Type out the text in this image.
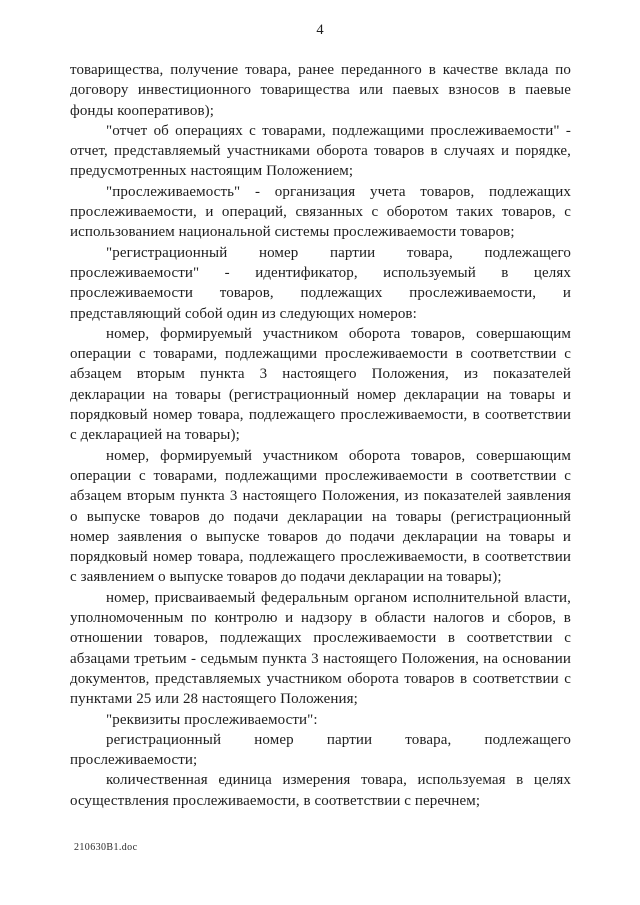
4

товарищества, получение товара, ранее переданного в качестве вклада по договору инвестиционного товарищества или паевых взносов в паевые фонды кооперативов);

"отчет об операциях с товарами, подлежащими прослеживаемости" - отчет, представляемый участниками оборота товаров в случаях и порядке, предусмотренных настоящим Положением;

"прослеживаемость" - организация учета товаров, подлежащих прослеживаемости, и операций, связанных с оборотом таких товаров, с использованием национальной системы прослеживаемости товаров;

"регистрационный номер партии товара, подлежащего прослеживаемости" - идентификатор, используемый в целях прослеживаемости товаров, подлежащих прослеживаемости, и представляющий собой один из следующих номеров:

номер, формируемый участником оборота товаров, совершающим операции с товарами, подлежащими прослеживаемости в соответствии с абзацем вторым пункта 3 настоящего Положения, из показателей декларации на товары (регистрационный номер декларации на товары и порядковый номер товара, подлежащего прослеживаемости, в соответствии с декларацией на товары);

номер, формируемый участником оборота товаров, совершающим операции с товарами, подлежащими прослеживаемости в соответствии с абзацем вторым пункта 3 настоящего Положения, из показателей заявления о выпуске товаров до подачи декларации на товары (регистрационный номер заявления о выпуске товаров до подачи декларации на товары и порядковый номер товара, подлежащего прослеживаемости, в соответствии с заявлением о выпуске товаров до подачи декларации на товары);

номер, присваиваемый федеральным органом исполнительной власти, уполномоченным по контролю и надзору в области налогов и сборов, в отношении товаров, подлежащих прослеживаемости в соответствии с абзацами третьим - седьмым пункта 3 настоящего Положения, на основании документов, представляемых участником оборота товаров в соответствии с пунктами 25 или 28 настоящего Положения;

"реквизиты прослеживаемости":

регистрационный номер партии товара, подлежащего прослеживаемости;

количественная единица измерения товара, используемая в целях осуществления прослеживаемости, в соответствии с перечнем;

210630В1.doc
